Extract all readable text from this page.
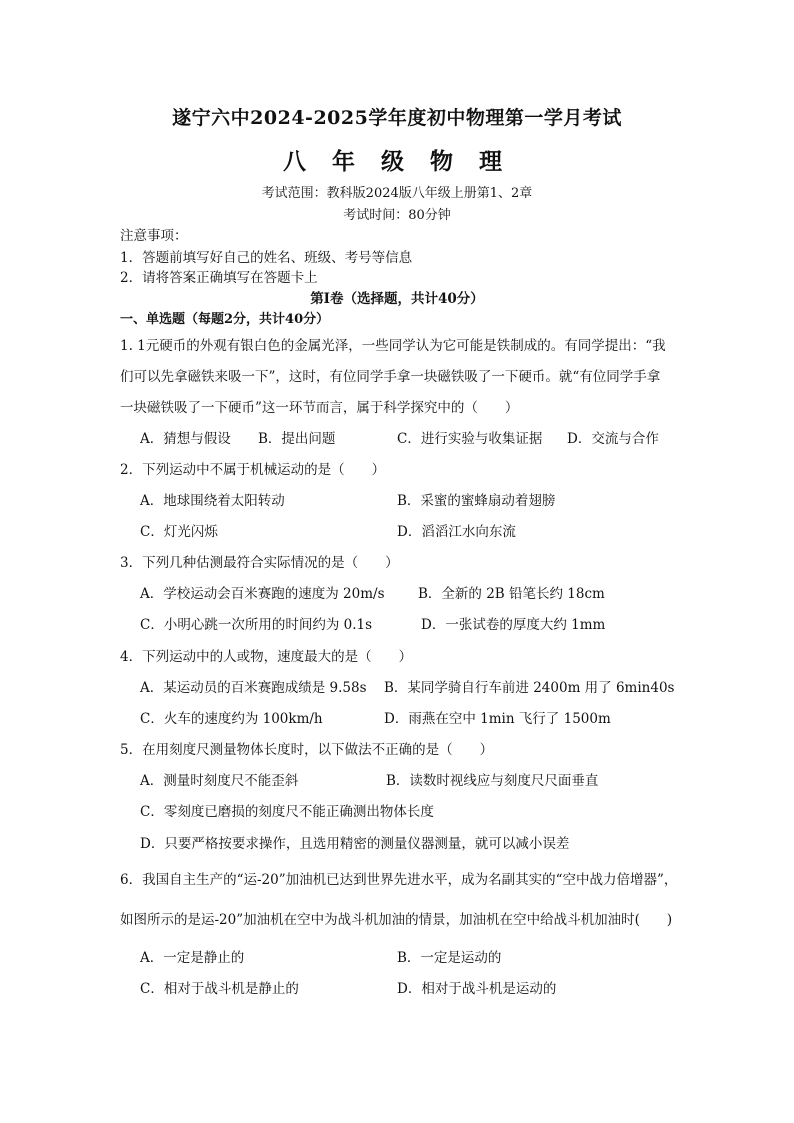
遂宁六中2024-2025学年度初中物理第一学月考试
八 年 级 物 理
考试范围：教科版2024版八年级上册第1、2章
考试时间：80分钟
注意事项：
1．答题前填写好自己的姓名、班级、考号等信息
2．请将答案正确填写在答题卡上
第I卷（选择题，共计40分）
一、单选题（每题2分，共计40分）
1. 1元硬币的外观有银白色的金属光泽，一些同学认为它可能是铁制成的。有同学提出：“我
们可以先拿磁铁来吸一下”，这时，有位同学手拿一块磁铁吸了一下硬币。就“有位同学手拿
一块磁铁吸了一下硬币”这一环节而言，属于科学探究中的（　　）
A．猜想与假设 B．提出问题	C．进行实验与收集证据 D．交流与合作
2．下列运动中不属于机械运动的是（　　）
A．地球围绕着太阳转动	B．采蜜的蜜蜂扇动着翅膀
C．灯光闪烁	D．滔滔江水向东流
3．下列几种估测最符合实际情况的是（　　）
A．学校运动会百米赛跑的速度为 20m/s B．全新的 2B 铅笔长约 18cm
C．小明心跳一次所用的时间约为 0.1s	D．一张试卷的厚度大约 1mm
4．下列运动中的人或物，速度最大的是（　　）
A．某运动员的百米赛跑成绩是 9.58s B．某同学骑自行车前进 2400m 用了 6min40s
C．火车的速度约为 100km/h	D．雨燕在空中 1min 飞行了 1500m
5．在用刻度尺测量物体长度时，以下做法不正确的是（　　）
A．测量时刻度尺不能歪斜	B．读数时视线应与刻度尺尺面垂直
C．零刻度已磨损的刻度尺不能正确测出物体长度
D．只要严格按要求操作，且选用精密的测量仪器测量，就可以减小误差
6．我国自主生产的“运-20”加油机已达到世界先进水平，成为名副其实的“空中战力倍增器”，
如图所示的是运-20”加油机在空中为战斗机加油的情景，加油机在空中给战斗机加油时(　　)
A．一定是静止的	B．一定是运动的
C．相对于战斗机是静止的	D．相对于战斗机是运动的
